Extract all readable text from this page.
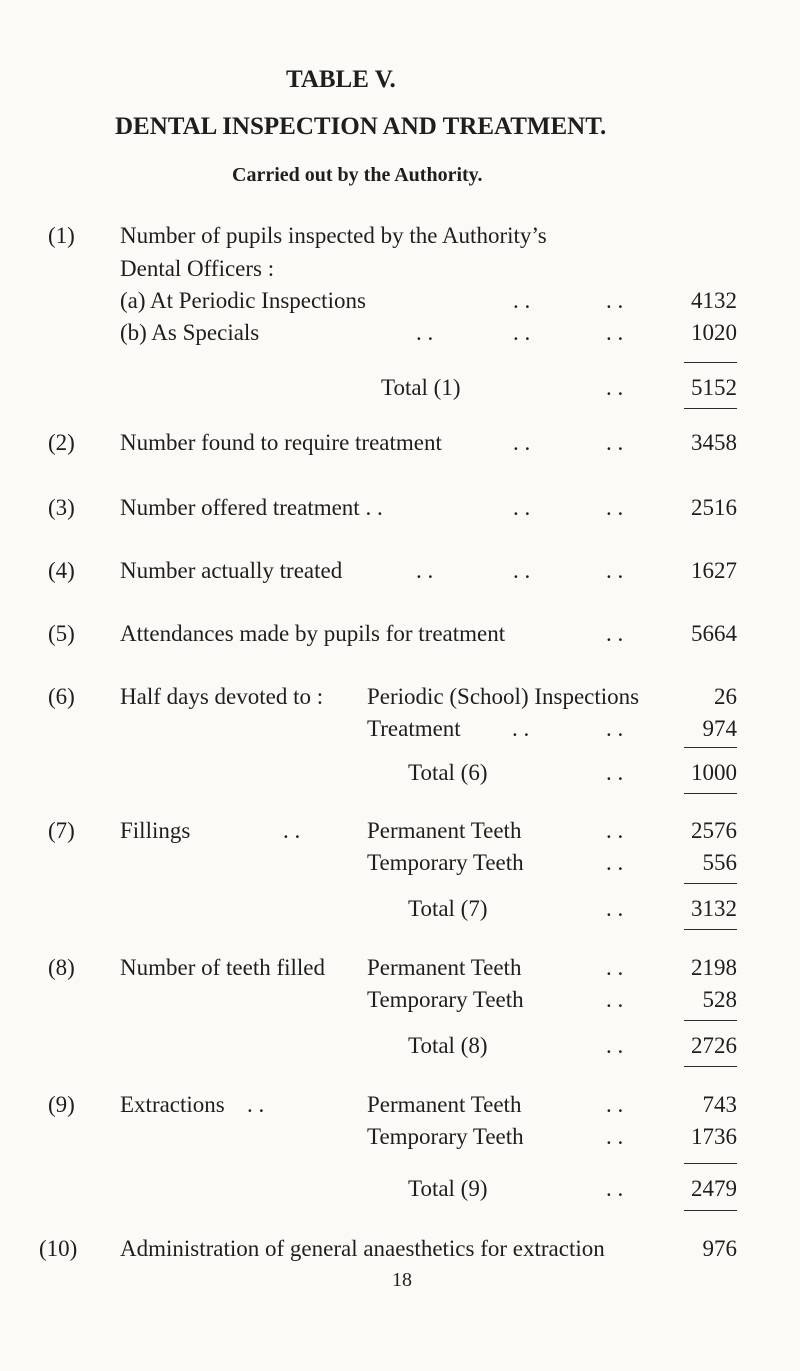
TABLE V.
DENTAL INSPECTION AND TREATMENT.
Carried out by the Authority.
(1) Number of pupils inspected by the Authority’s
Dental Officers :
(a) At Periodic Inspections	. .	. .	4132
(b) As Specials	. .	. .	. .	1020
Total (1)	. .	5152
(2) Number found to require treatment	. .	. .	3458
(3) Number offered treatment . .	. .	. .	2516
(4) Number actually treated	. .	. .	. .	1627
(5) Attendances made by pupils for treatment	. .	5664
(6) Half days devoted to : Periodic (School) Inspections	26
Treatment . .	. .	974
Total (6)	. .	1000
(7) Fillings	. .	Permanent Teeth	. .	2576
Temporary Teeth	. .	556
Total (7)	. .	3132
(8) Number of teeth filled Permanent Teeth	. .	2198
Temporary Teeth	. .	528
Total (8)	. .	2726
(9) Extractions . .	Permanent Teeth	. .	743
Temporary Teeth	. .	1736
Total (9)	. .	2479
(10) Administration of general anaesthetics for extraction	976
18
